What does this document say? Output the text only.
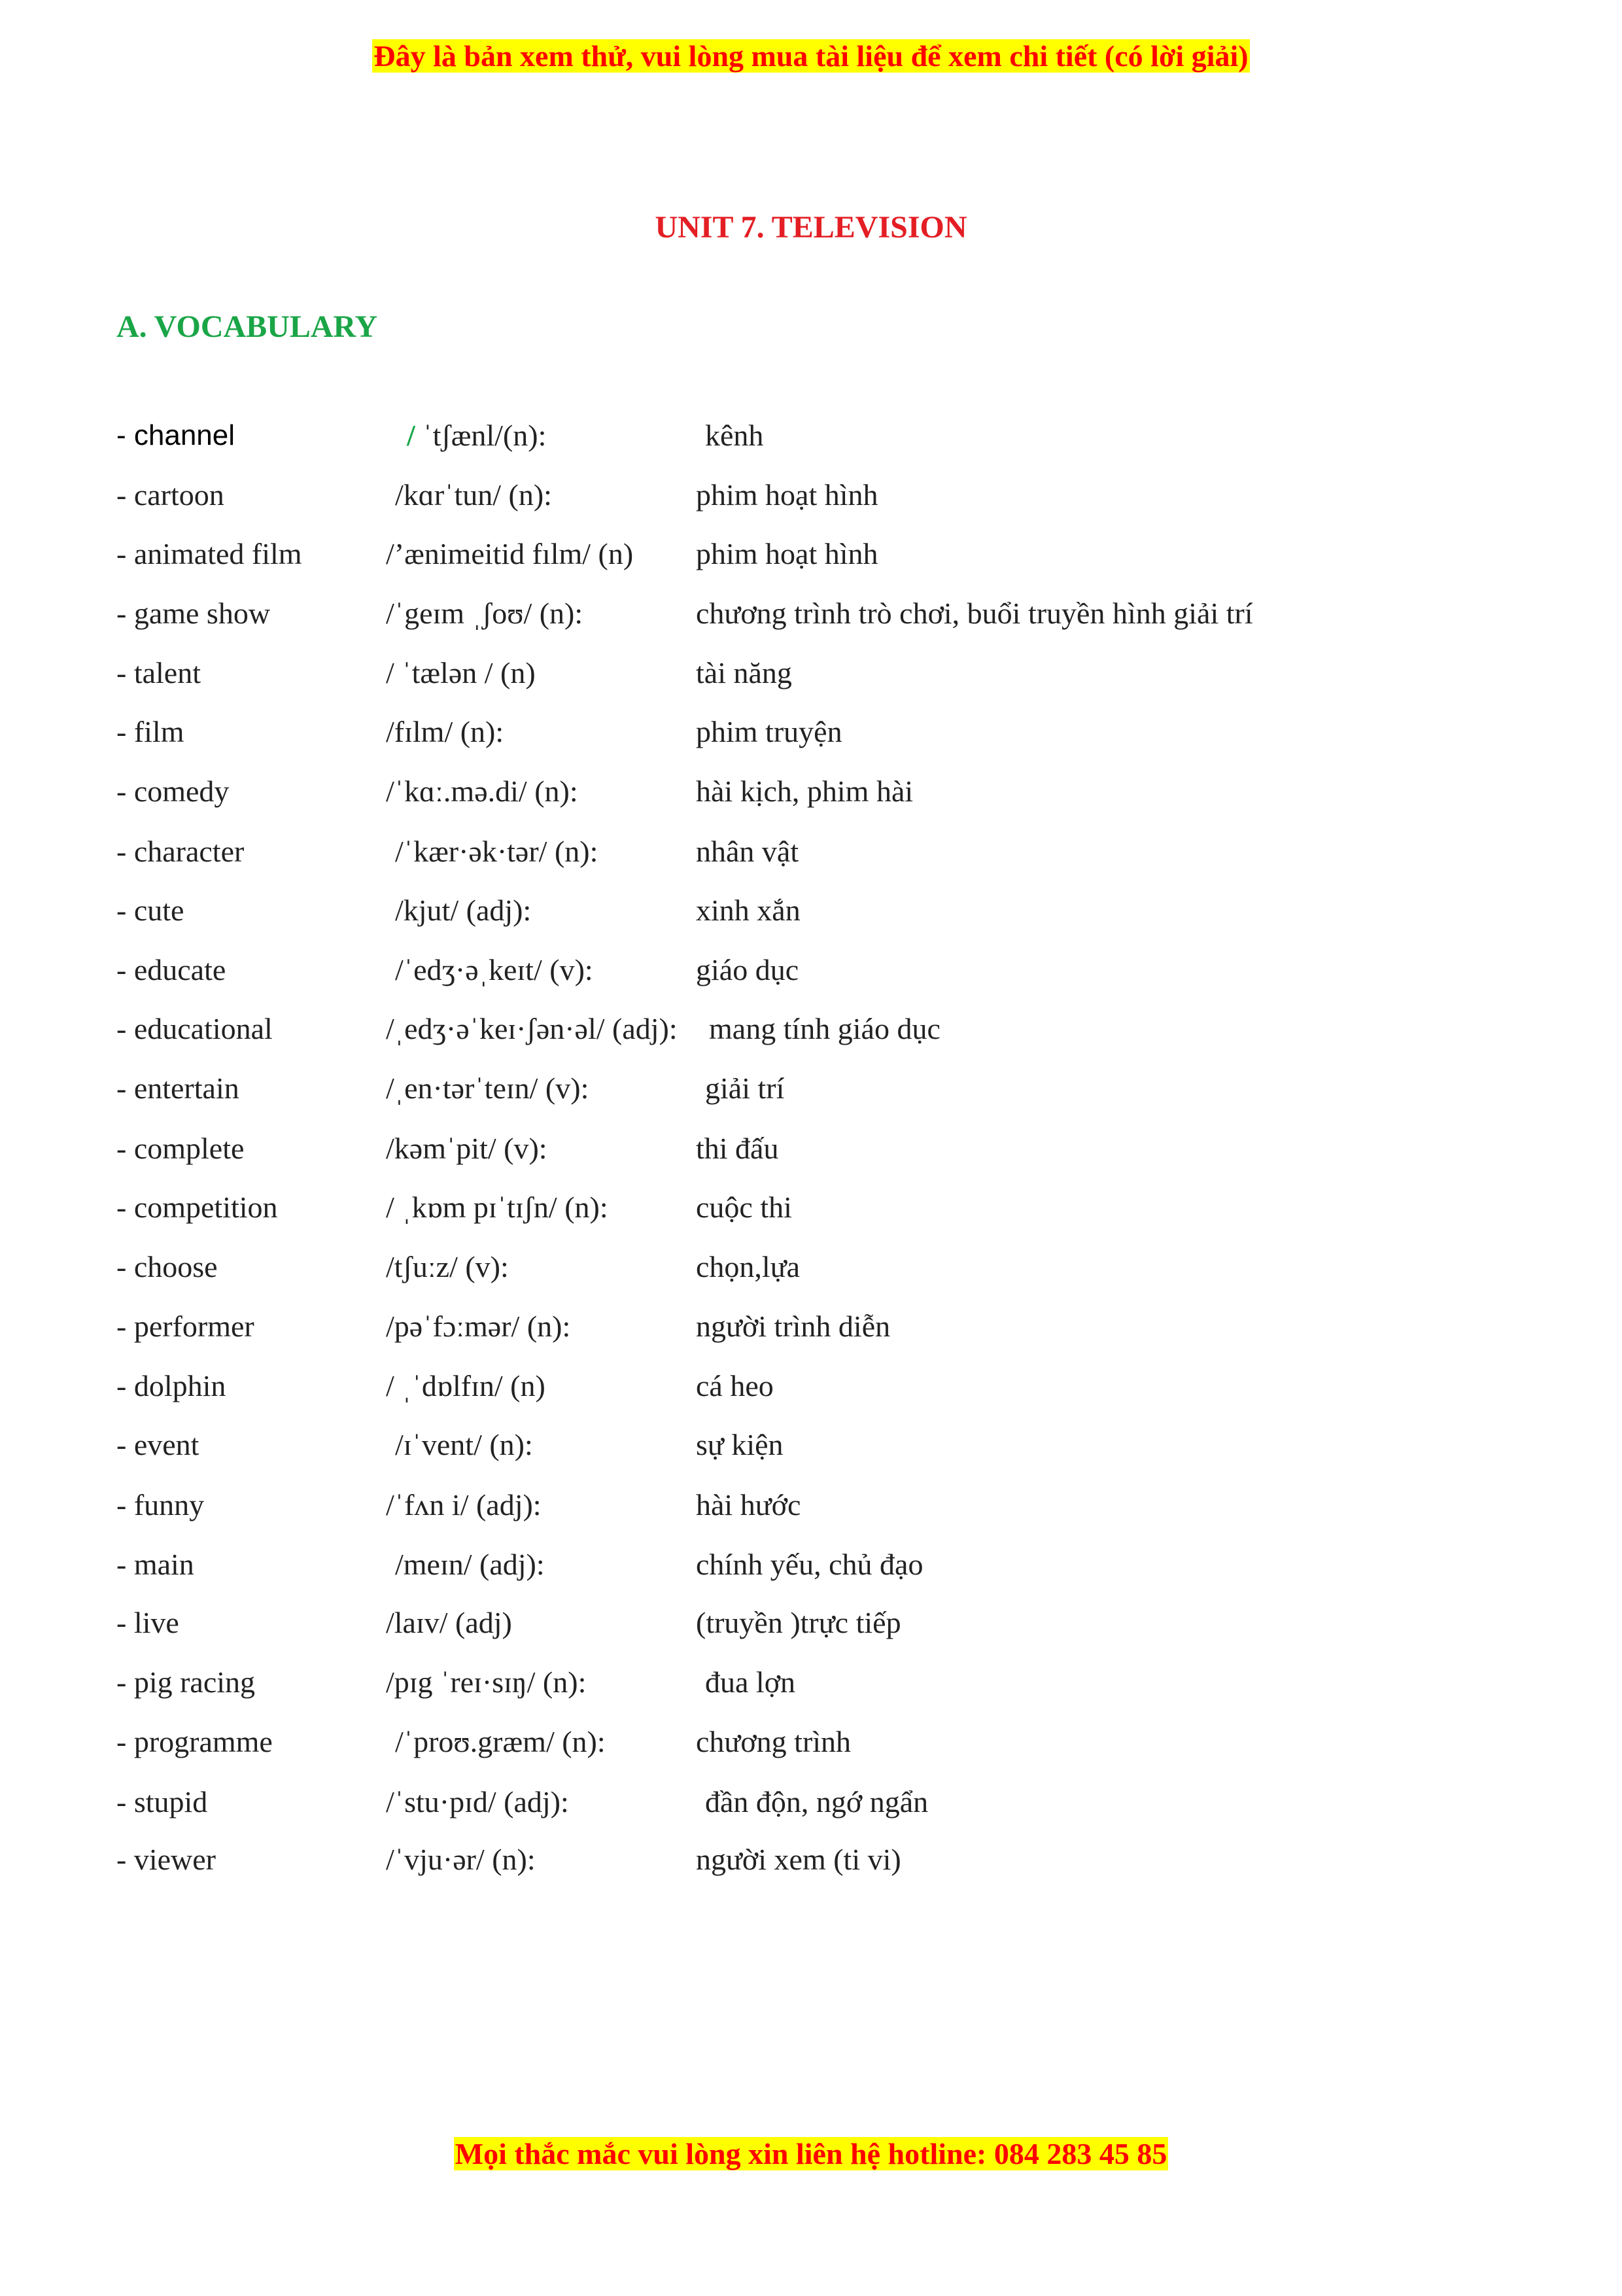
Đây là bản xem thử, vui lòng mua tài liệu để xem chi tiết (có lời giải)
UNIT 7. TELEVISION
A. VOCABULARY
- channel	/ ˈtʃænl/(n):	kênh
- cartoon	/kɑrˈtun/ (n):	phim hoạt hình
- animated film	/’ænimeitid fılm/ (n) phim hoạt hình
- game show	/ˈgeɪm ˌʃoʊ/ (n):	chương trình trò chơi, buổi truyền hình giải trí
- talent	/ ˈtælən / (n)	tài năng
- film	/fɪlm/ (n):	phim truyện
- comedy	/ˈkɑː.mə.di/ (n):	hài kịch, phim hài
- character	/ˈkær·ək·tər/ (n):	nhân vật
- cute	/kjut/ (adj):	xinh xắn
- educate	/ˈedʒ·əˌkeɪt/ (v):	giáo dục
- educational	/ˌedʒ·əˈkeɪ·ʃən·əl/ (adj): mang tính giáo dục
- entertain	/ˌen·tərˈteɪn/ (v):	giải trí
- complete	/kəmˈpit/ (v):	thi đấu
- competition	/ ˌkɒm pɪˈtɪʃn/ (n):	cuộc thi
- choose	/tʃuːz/ (v):	chọn,lựa
- performer	/pəˈfɔːmər/ (n):	người trình diễn
- dolphin	/ ˌˈdɒlfɪn/ (n)	cá heo
- event	/ɪˈvent/ (n):	sự kiện
- funny	/ˈfʌn i/ (adj):	hài hước
- main	/meɪn/ (adj):	chính yếu, chủ đạo
- live	/laɪv/ (adj)	(truyền )trực tiếp
- pig racing	/pɪg ˈreɪ·sɪŋ/ (n):	đua lợn
- programme	/ˈproʊ.græm/ (n):	chương trình
- stupid	/ˈstu·pɪd/ (adj):	đần độn, ngớ ngẩn
- viewer	/ˈvju·ər/ (n):	người xem (ti vi)
Mọi thắc mắc vui lòng xin liên hệ hotline: 084 283 45 85
